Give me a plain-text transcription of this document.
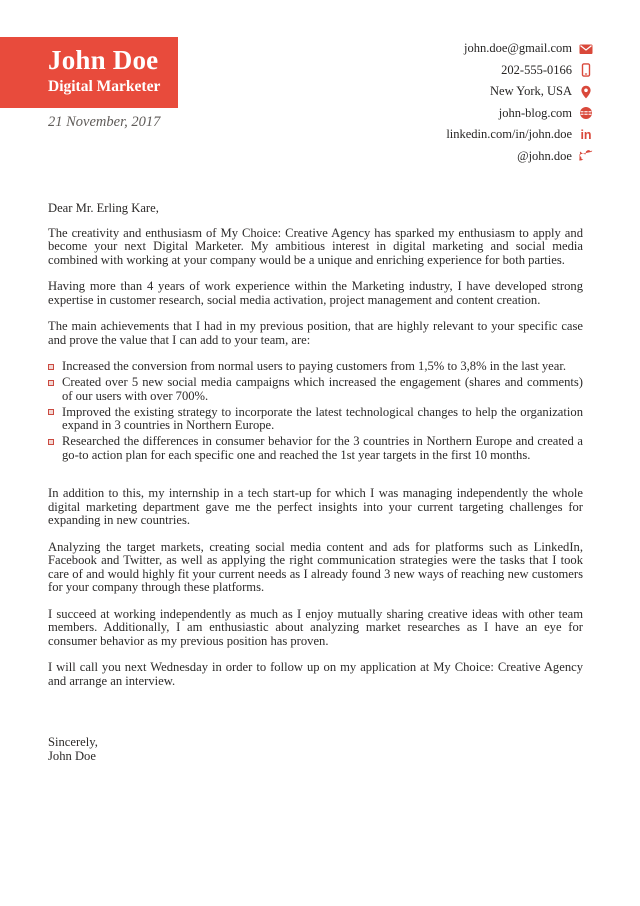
John Doe
Digital Marketer
21 November, 2017
john.doe@gmail.com
202-555-0166
New York, USA
john-blog.com
linkedin.com/in/john.doe in
@john.doe

Dear Mr. Erling Kare,

The creativity and enthusiasm of My Choice: Creative Agency has sparked my enthusiasm to apply and become your next Digital Marketer. My ambitious interest in digital marketing and social media combined with working at your company would be a unique and enriching experience for both parties.

Having more than 4 years of work experience within the Marketing industry, I have developed strong expertise in customer research, social media activation, project management and content creation.

The main achievements that I had in my previous position, that are highly relevant to your specific case and prove the value that I can add to your team, are:

Increased the conversion from normal users to paying customers from 1,5% to 3,8% in the last year.
Created over 5 new social media campaigns which increased the engagement (shares and comments) of our users with over 700%.
Improved the existing strategy to incorporate the latest technological changes to help the organization expand in 3 countries in Northern Europe.
Researched the differences in consumer behavior for the 3 countries in Northern Europe and created a go-to action plan for each specific one and reached the 1st year targets in the first 10 months.

In addition to this, my internship in a tech start-up for which I was managing independently the whole digital marketing department gave me the perfect insights into your current targeting challenges for expanding in new countries.

Analyzing the target markets, creating social media content and ads for platforms such as LinkedIn, Facebook and Twitter, as well as applying the right communication strategies were the tasks that I took care of and would highly fit your current needs as I already found 3 new ways of reaching new customers for your company through these platforms.

I succeed at working independently as much as I enjoy mutually sharing creative ideas with other team members. Additionally, I am enthusiastic about analyzing market researches as I have an eye for consumer behavior as my previous position has proven.

I will call you next Wednesday in order to follow up on my application at My Choice: Creative Agency and arrange an interview.

Sincerely,
John Doe
